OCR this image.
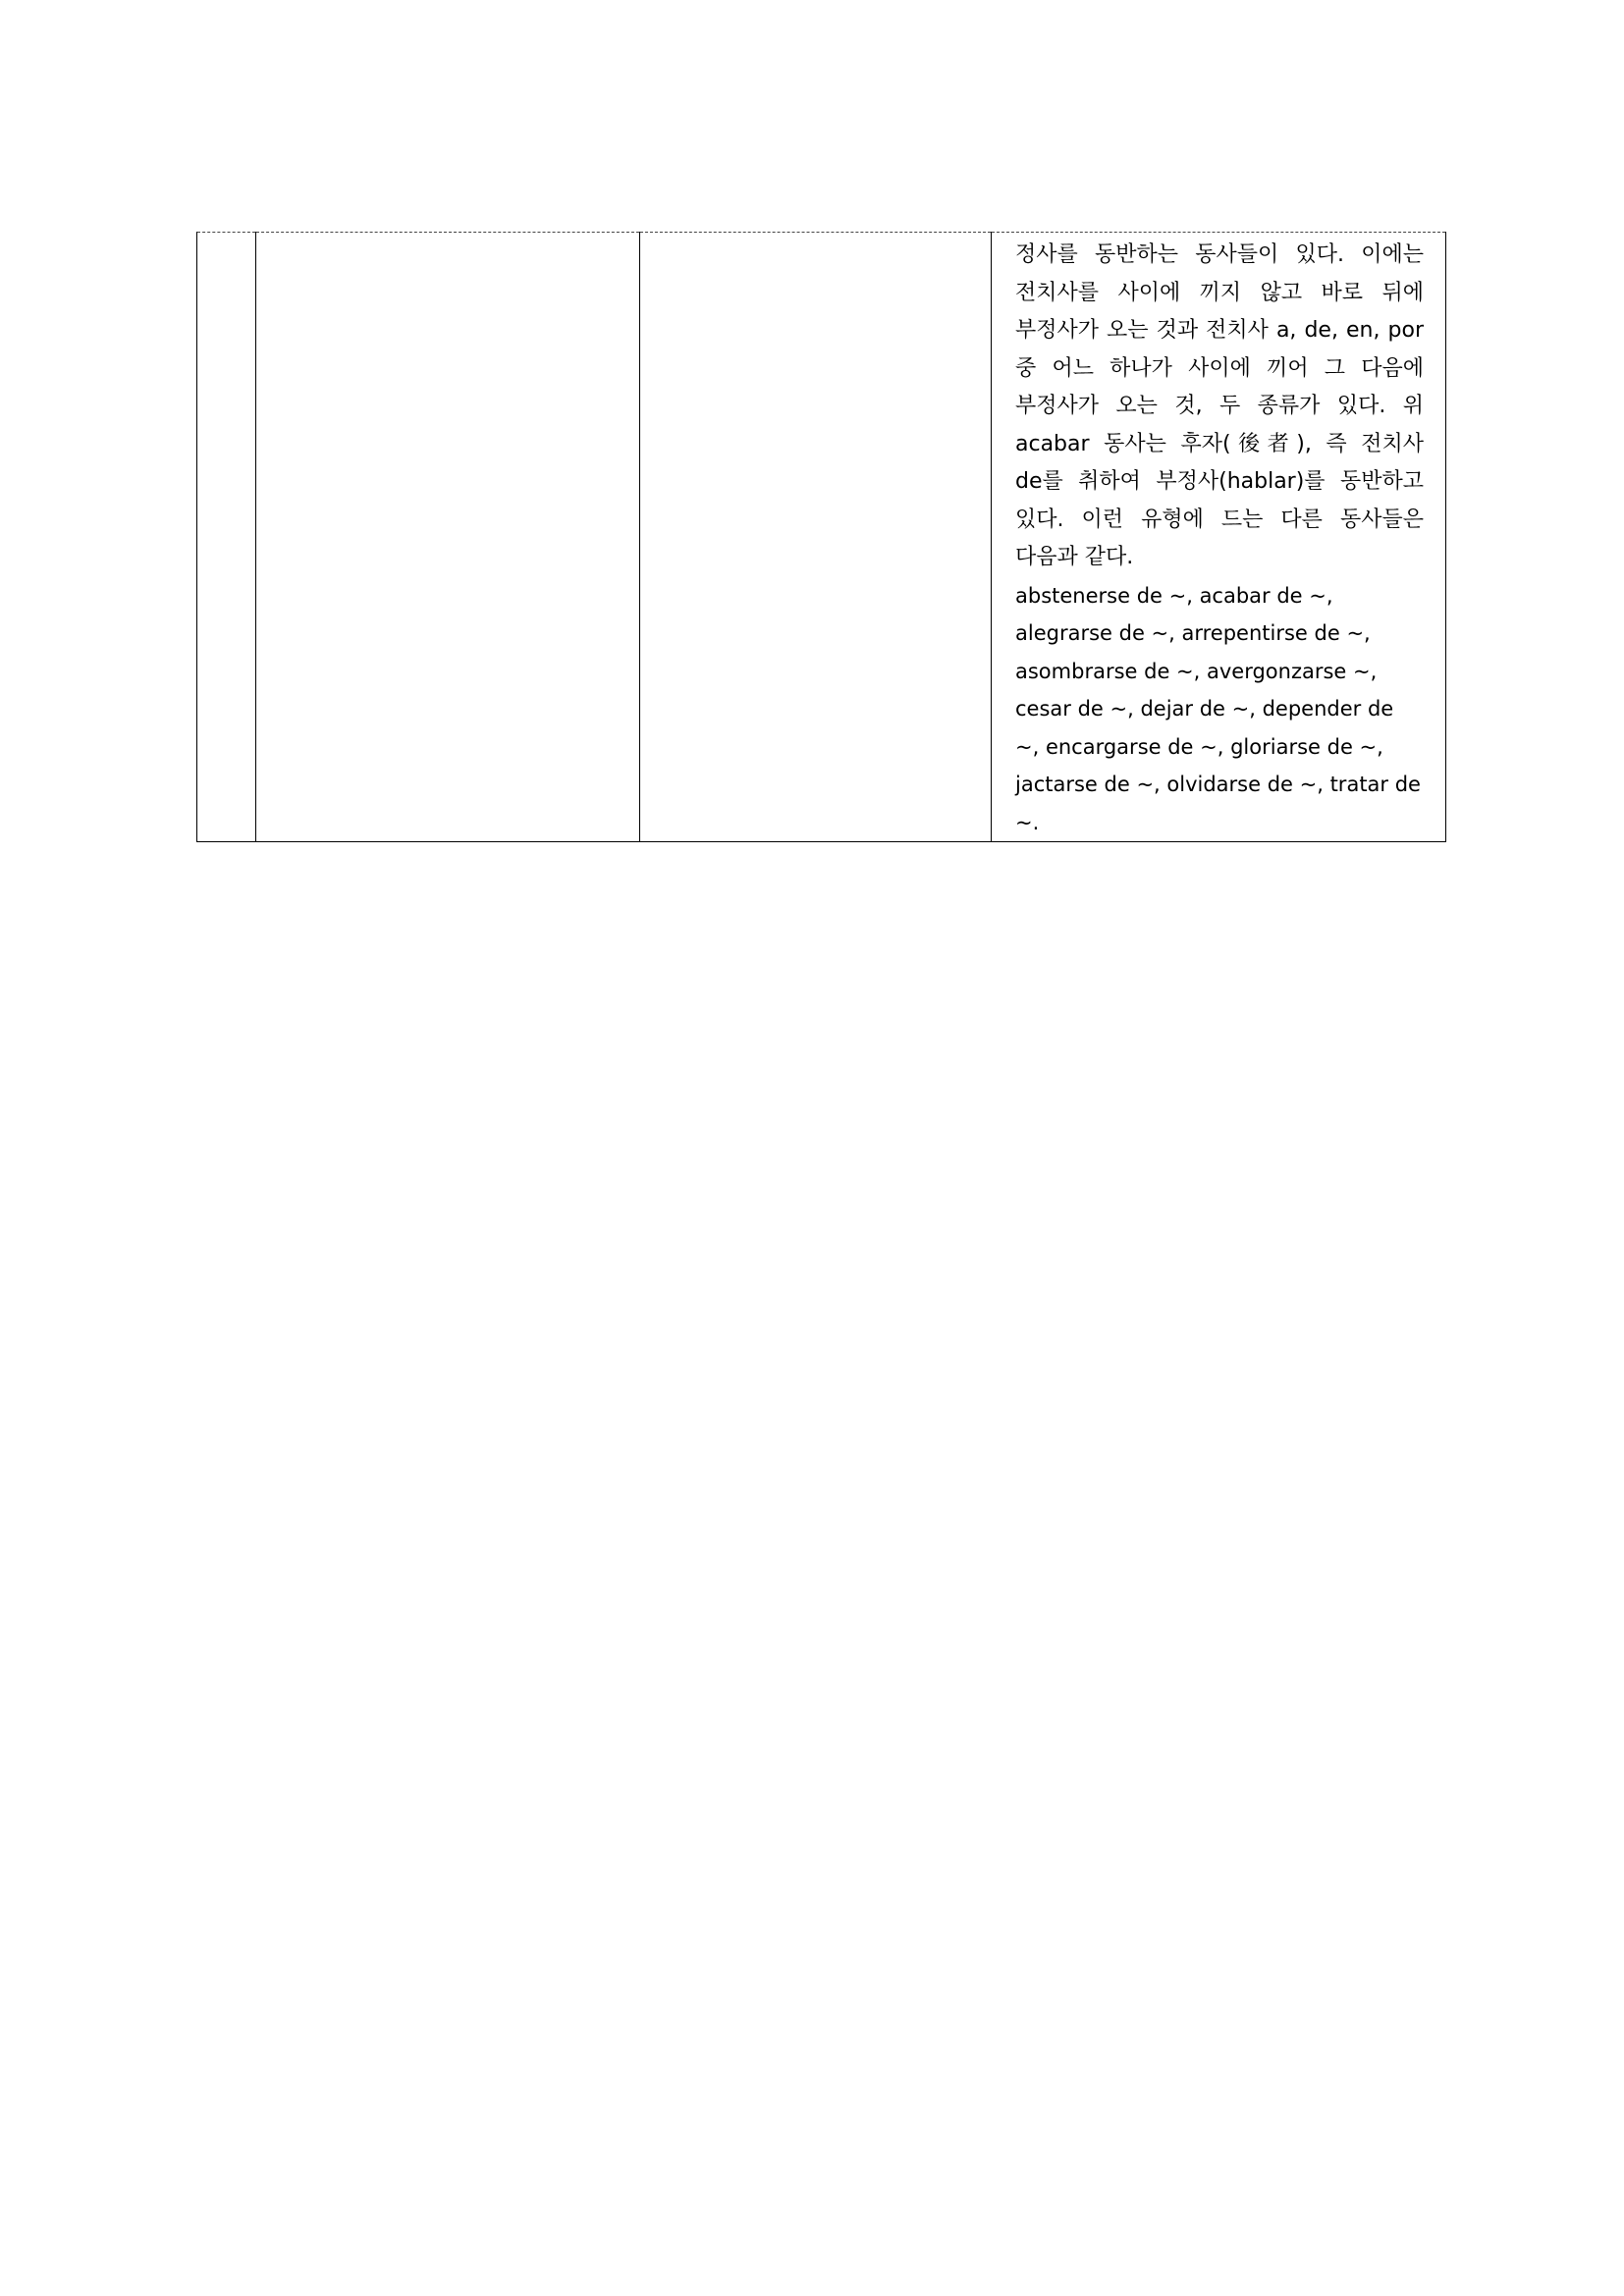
정사를 동반하는 동사들이 있다. 이에는 전치사를 사이에 끼지 않고 바로 뒤에 부정사가 오는 것과 전치사 a, de, en, por 중 어느 하나가 사이에 끼어 그 다음에 부정사가 오는 것, 두 종류가 있다. 위 acabar 동사는 후자(後者), 즉 전치사 de를 취하여 부정사(hablar)를 동반하고 있다. 이런 유형에 드는 다른 동사들은 다음과 같다.

abstenerse de ~, acabar de ~, alegrarse de ~, arrepentirse de ~, asombrarse de ~, avergonzarse ~, cesar de ~, dejar de ~, depender de ~, encargarse de ~, gloriarse de ~, jactarse de ~, olvidarse de ~, tratar de ~.
